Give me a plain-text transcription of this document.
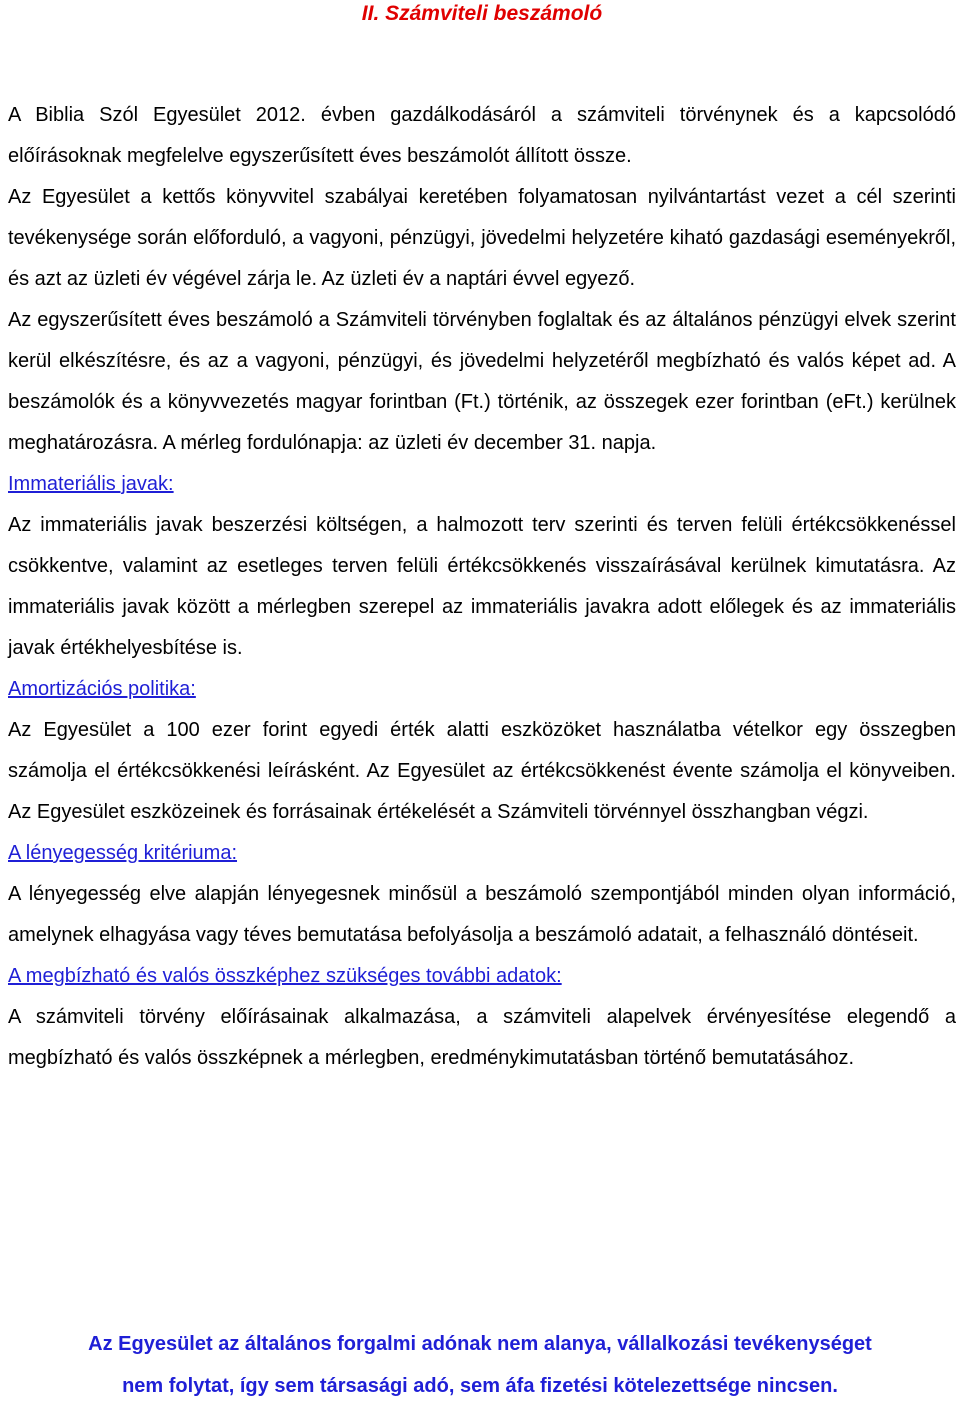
II. Számviteli beszámoló

A Biblia Szól Egyesület 2012. évben gazdálkodásáról a számviteli törvénynek és a kapcsolódó előírásoknak megfelelve egyszerűsített éves beszámolót állított össze.

Az Egyesület a kettős könyvvitel szabályai keretében folyamatosan nyilvántartást vezet a cél szerinti tevékenysége során előforduló, a vagyoni, pénzügyi, jövedelmi helyzetére kiható gazdasági eseményekről, és azt az üzleti év végével zárja le. Az üzleti év a naptári évvel egyező.

Az egyszerűsített éves beszámoló a Számviteli törvényben foglaltak és az általános pénzügyi elvek szerint kerül elkészítésre, és az a vagyoni, pénzügyi, és jövedelmi helyzetéről megbízható és valós képet ad. A beszámolók és a könyvvezetés magyar forintban (Ft.) történik, az összegek ezer forintban (eFt.) kerülnek meghatározásra. A mérleg fordulónapja: az üzleti év december 31. napja.

Immateriális javak:

Az immateriális javak beszerzési költségen, a halmozott terv szerinti és terven felüli értékcsökkenéssel csökkentve, valamint az esetleges terven felüli értékcsökkenés visszaírásával kerülnek kimutatásra. Az immateriális javak között a mérlegben szerepel az immateriális javakra adott előlegek és az immateriális javak értékhelyesbítése is.

Amortizációs politika:

Az Egyesület a 100 ezer forint egyedi érték alatti eszközöket használatba vételkor egy összegben számolja el értékcsökkenési leírásként. Az Egyesület az értékcsökkenést évente számolja el könyveiben. Az Egyesület eszközeinek és forrásainak értékelését a Számviteli törvénnyel összhangban végzi.

A lényegesség kritériuma:

A lényegesség elve alapján lényegesnek minősül a beszámoló szempontjából minden olyan információ, amelynek elhagyása vagy téves bemutatása befolyásolja a beszámoló adatait, a felhasználó döntéseit.

A megbízható és valós összképhez szükséges további adatok:

A számviteli törvény előírásainak alkalmazása, a számviteli alapelvek érvényesítése elegendő a megbízható és valós összképnek a mérlegben, eredménykimutatásban történő bemutatásához.

Az Egyesület az általános forgalmi adónak nem alanya, vállalkozási tevékenységet
nem folytat, így sem társasági adó, sem áfa fizetési kötelezettsége nincsen.
